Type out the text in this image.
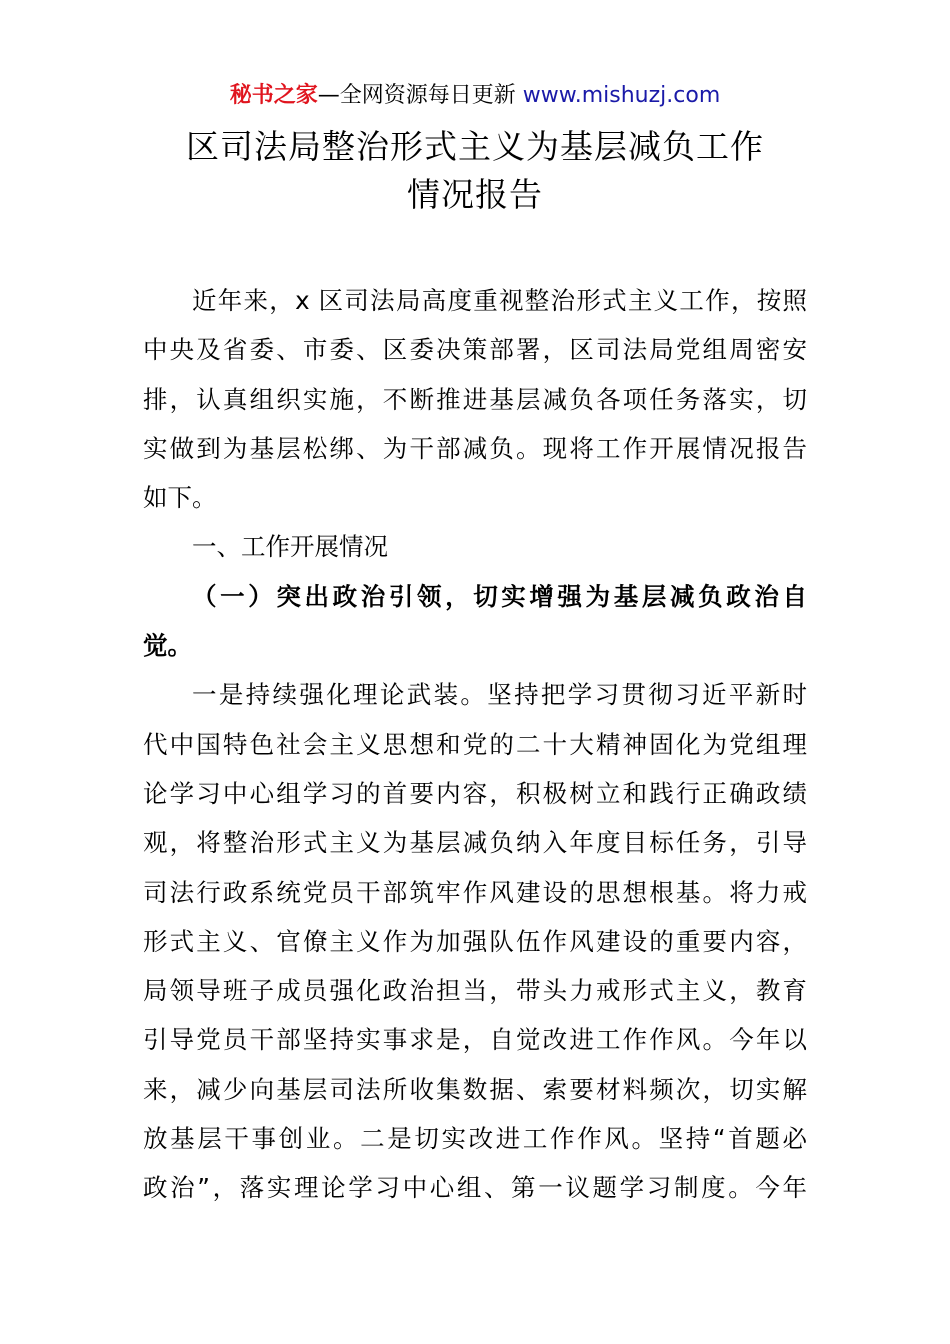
秘书之家—全网资源每日更新 www.mishuzj.com
区司法局整治形式主义为基层减负工作
情况报告
近年来，x 区司法局高度重视整治形式主义工作，按照
中央及省委、市委、区委决策部署，区司法局党组周密安
排，认真组织实施，不断推进基层减负各项任务落实，切
实做到为基层松绑、为干部减负。现将工作开展情况报告
如下。
一、工作开展情况
（一）突出政治引领，切实增强为基层减负政治自
觉。
一是持续强化理论武装。坚持把学习贯彻习近平新时
代中国特色社会主义思想和党的二十大精神固化为党组理
论学习中心组学习的首要内容，积极树立和践行正确政绩
观，将整治形式主义为基层减负纳入年度目标任务，引导
司法行政系统党员干部筑牢作风建设的思想根基。将力戒
形式主义、官僚主义作为加强队伍作风建设的重要内容，
局领导班子成员强化政治担当，带头力戒形式主义，教育
引导党员干部坚持实事求是，自觉改进工作作风。今年以
来，减少向基层司法所收集数据、索要材料频次，切实解
放基层干事创业。二是切实改进工作作风。坚持“首题必
政治”，落实理论学习中心组、第一议题学习制度。今年
